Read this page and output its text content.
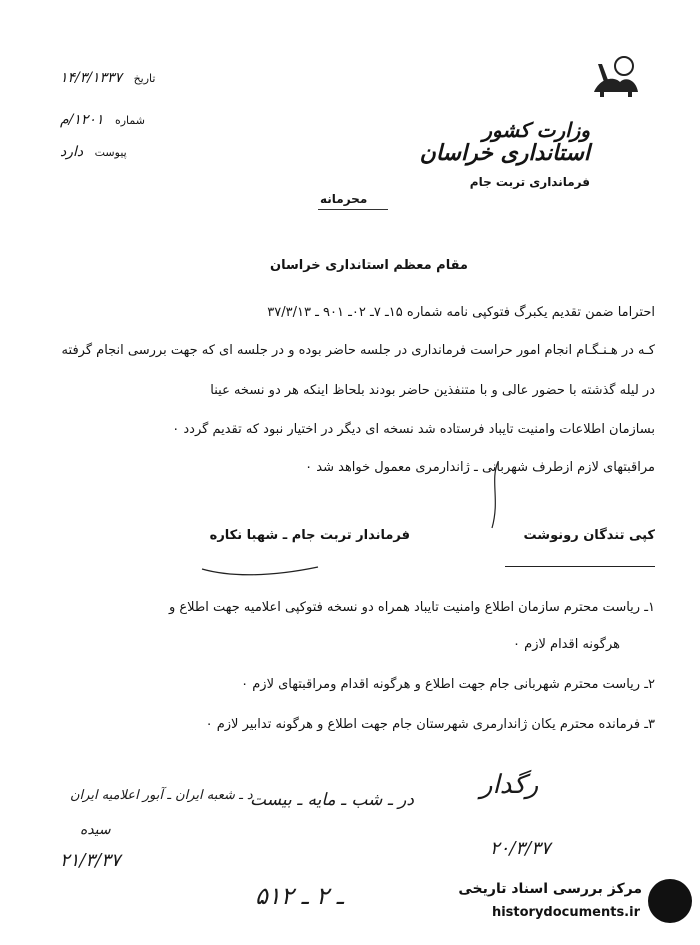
وزارت کشور
استانداری خراسان
فرمانداری تربت جام
تاریخ ۱۴/۳/۱۳۳۷
شماره ۱۲۰۱/م
پیوست دارد
محرمانه
مقام معظم استانداری خراسان
احتراما ضمن تقدیم یکبرگ فتوکپی نامه شماره ۱۵ـ ۷ـ ۰۲ـ ۹۰۱ ـ ۳۷/۳/۱۳
کـه در هـنـگـام انجام امور حراست فرمانداری در جلسه حاضر بوده و در جلسه ای که جهت بررسی انجام گرفته
در لیله گذشته با حضور عالی و با متنفذین حاضر بودند بلحاظ اینکه هر دو نسخه عینا
بسازمان اطلاعات وامنیت تایباد فرستاده شد نسخه ای دیگر در اختیار نبود که تقدیم گردد ٠
مراقبتهای لازم ازطرف شهربانی ـ ژاندارمری معمول خواهد شد ٠
فرماندار تربت جام ـ شهبا نکاره	کپی تندگان رونوشت
۱ـ ریاست محترم سازمان اطلاع وامنیت تایباد همراه دو نسخه فتوکپی اعلامیه جهت اطلاع و
هرگونه اقدام لازم ٠
۲ـ ریاست محترم شهربانی جام جهت اطلاع و هرگونه اقدام ومراقبتهای لازم ٠
۳ـ فرمانده محترم یکان ژاندارمری شهرستان جام جهت اطلاع و هرگونه تدابیر لازم ٠
د ـ شعبه ایران ـ آبور اعلامیه ایران
سیده
۲۱/۳/۳۷
در ـ شب ـ مایه ـ بیست	رگدار
۲۰/۳/۳۷
۵۱۲ ـ ۲ ـ	مرکز بررسی اسناد تاریخی
historydocuments.ir
